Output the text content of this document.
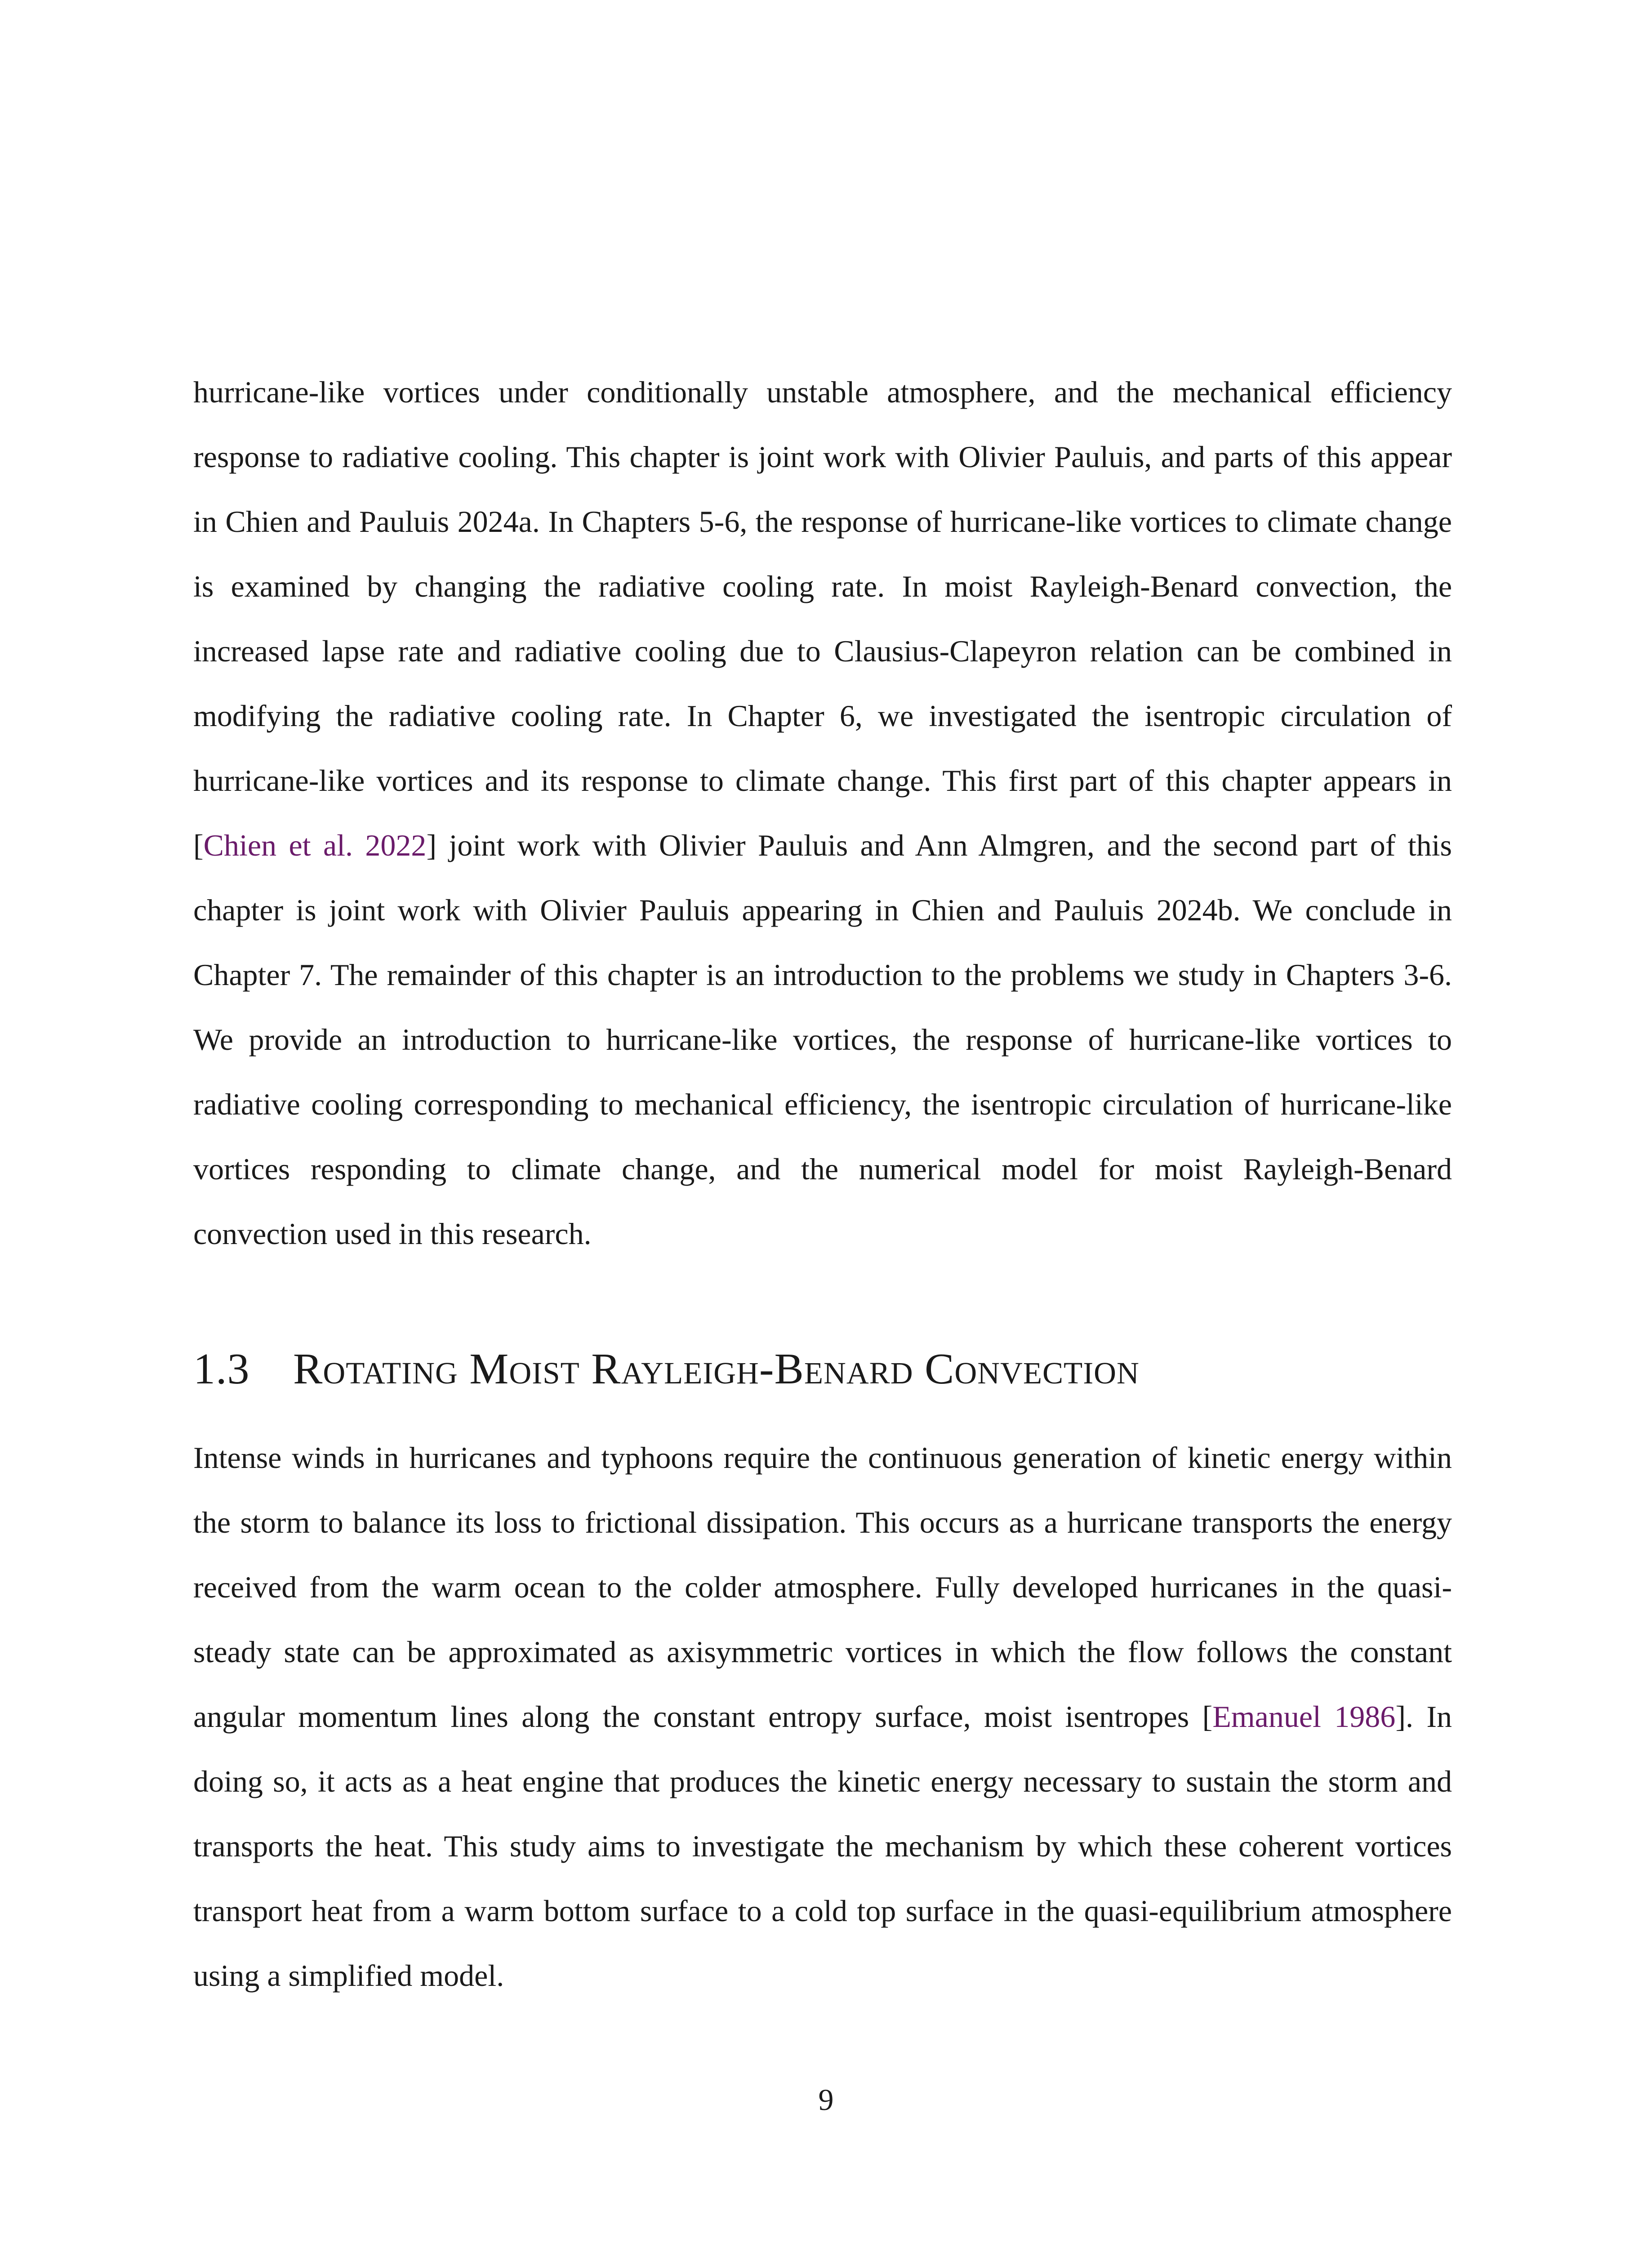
hurricane-like vortices under conditionally unstable atmosphere, and the mechanical efficiency response to radiative cooling. This chapter is joint work with Olivier Pauluis, and parts of this appear in Chien and Pauluis 2024a. In Chapters 5-6, the response of hurricane-like vortices to climate change is examined by changing the radiative cooling rate. In moist Rayleigh-Benard convection, the increased lapse rate and radiative cooling due to Clausius-Clapeyron relation can be combined in modifying the radiative cooling rate. In Chapter 6, we investigated the isentropic circulation of hurricane-like vortices and its response to climate change. This first part of this chapter appears in [Chien et al. 2022] joint work with Olivier Pauluis and Ann Almgren, and the second part of this chapter is joint work with Olivier Pauluis appearing in Chien and Pauluis 2024b. We conclude in Chapter 7. The remainder of this chapter is an introduction to the problems we study in Chapters 3-6. We provide an introduction to hurricane-like vortices, the response of hurricane-like vortices to radiative cooling corresponding to mechanical efficiency, the isentropic circulation of hurricane-like vortices responding to climate change, and the numerical model for moist Rayleigh-Benard convection used in this research.
1.3 Rotating Moist Rayleigh-Benard Convection
Intense winds in hurricanes and typhoons require the continuous generation of kinetic energy within the storm to balance its loss to frictional dissipation. This occurs as a hurricane transports the energy received from the warm ocean to the colder atmosphere. Fully developed hurricanes in the quasi-steady state can be approximated as axisymmetric vortices in which the flow follows the constant angular momentum lines along the constant entropy surface, moist isentropes [Emanuel 1986]. In doing so, it acts as a heat engine that produces the kinetic energy necessary to sustain the storm and transports the heat. This study aims to investigate the mechanism by which these coherent vortices transport heat from a warm bottom surface to a cold top surface in the quasi-equilibrium atmosphere using a simplified model.
9
